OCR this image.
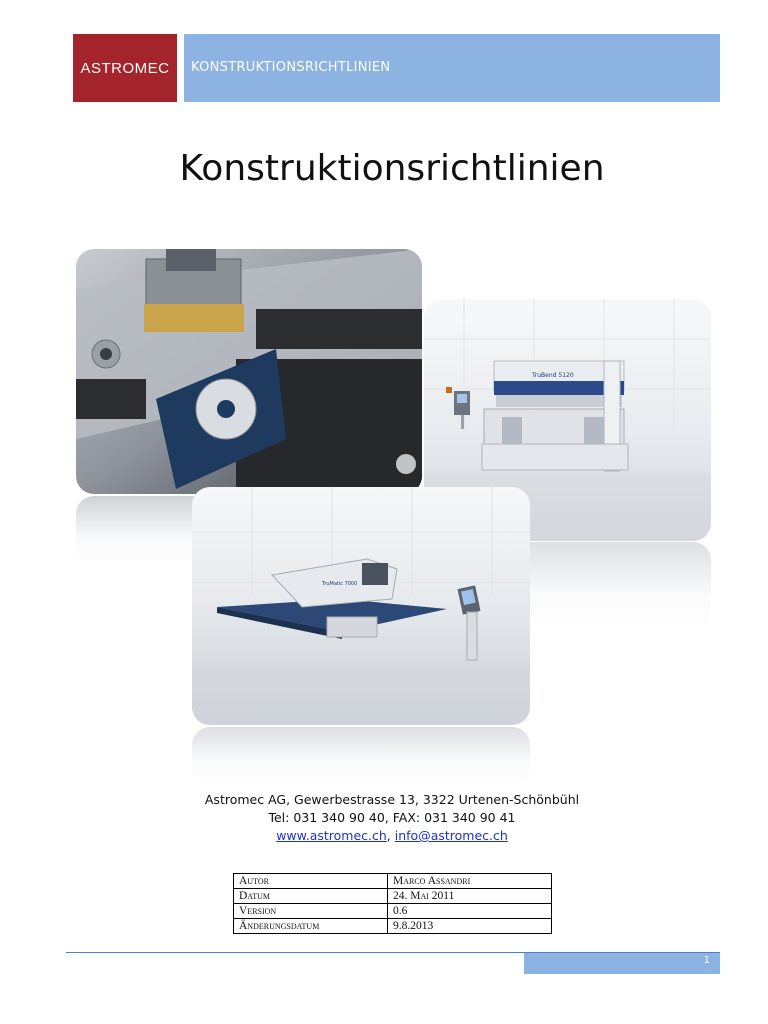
ASTROMEC KONSTRUKTIONSRICHTLINIEN
Konstruktionsrichtlinien
TruBend 5120
TruMatic 7000
Astromec AG, Gewerbestrasse 13, 3322 Urtenen-Schönbühl
Tel: 031 340 90 40, FAX: 031 340 90 41
www.astromec.ch, info@astromec.ch
Autor	Marco Assandri
Datum	24. Mai 2011
Version	0.6
Änderungsdatum	9.8.2013
1
